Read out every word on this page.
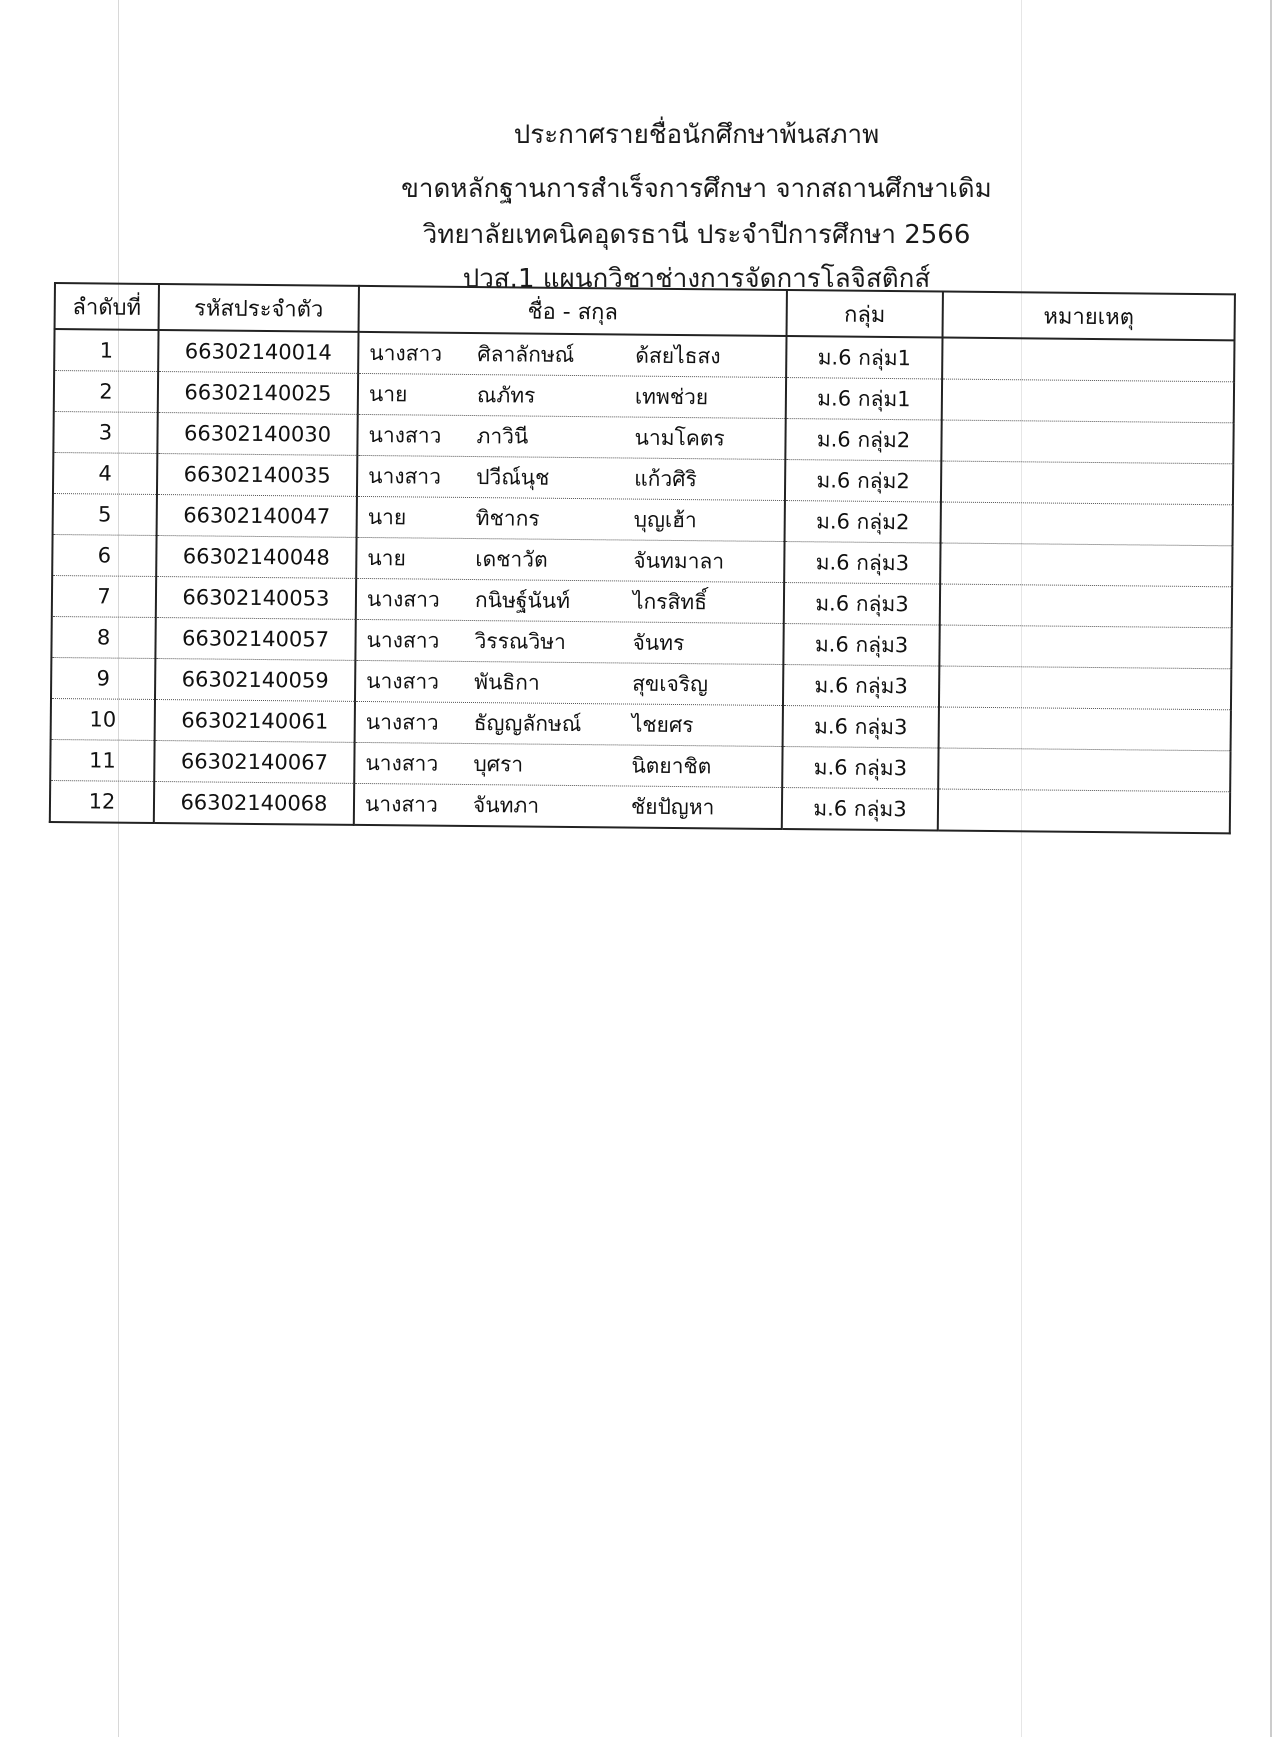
ประกาศรายชื่อนักศึกษาพ้นสภาพ
ขาดหลักฐานการสำเร็จการศึกษา จากสถานศึกษาเดิม
วิทยาลัยเทคนิคอุดรธานี ประจำปีการศึกษา 2566
ปวส.1 แผนกวิชาช่างการจัดการโลจิสติกส์
ลำดับที่	รหัสประจำตัว	ชื่อ - สกุล	กลุ่ม	หมายเหตุ
1	66302140014	นางสาว ศิลาลักษณ์ ด้สยไธสง	ม.6 กลุ่ม1	
2	66302140025	นาย ณภัทร เทพช่วย	ม.6 กลุ่ม1	
3	66302140030	นางสาว ภาวินี นามโคตร	ม.6 กลุ่ม2	
4	66302140035	นางสาว ปวีณ์นุช แก้วศิริ	ม.6 กลุ่ม2	
5	66302140047	นาย ทิชากร บุญเฮ้า	ม.6 กลุ่ม2	
6	66302140048	นาย เดชาวัต จันทมาลา	ม.6 กลุ่ม3	
7	66302140053	นางสาว กนิษฐ์นันท์ ไกรสิทธิ์	ม.6 กลุ่ม3	
8	66302140057	นางสาว วิรรณวิษา จันทร	ม.6 กลุ่ม3	
9	66302140059	นางสาว พันธิกา สุขเจริญ	ม.6 กลุ่ม3	
10	66302140061	นางสาว ธัญญลักษณ์ ไชยศร	ม.6 กลุ่ม3	
11	66302140067	นางสาว บุศรา นิตยาชิต	ม.6 กลุ่ม3	
12	66302140068	นางสาว จันทภา ชัยปัญหา	ม.6 กลุ่ม3	
